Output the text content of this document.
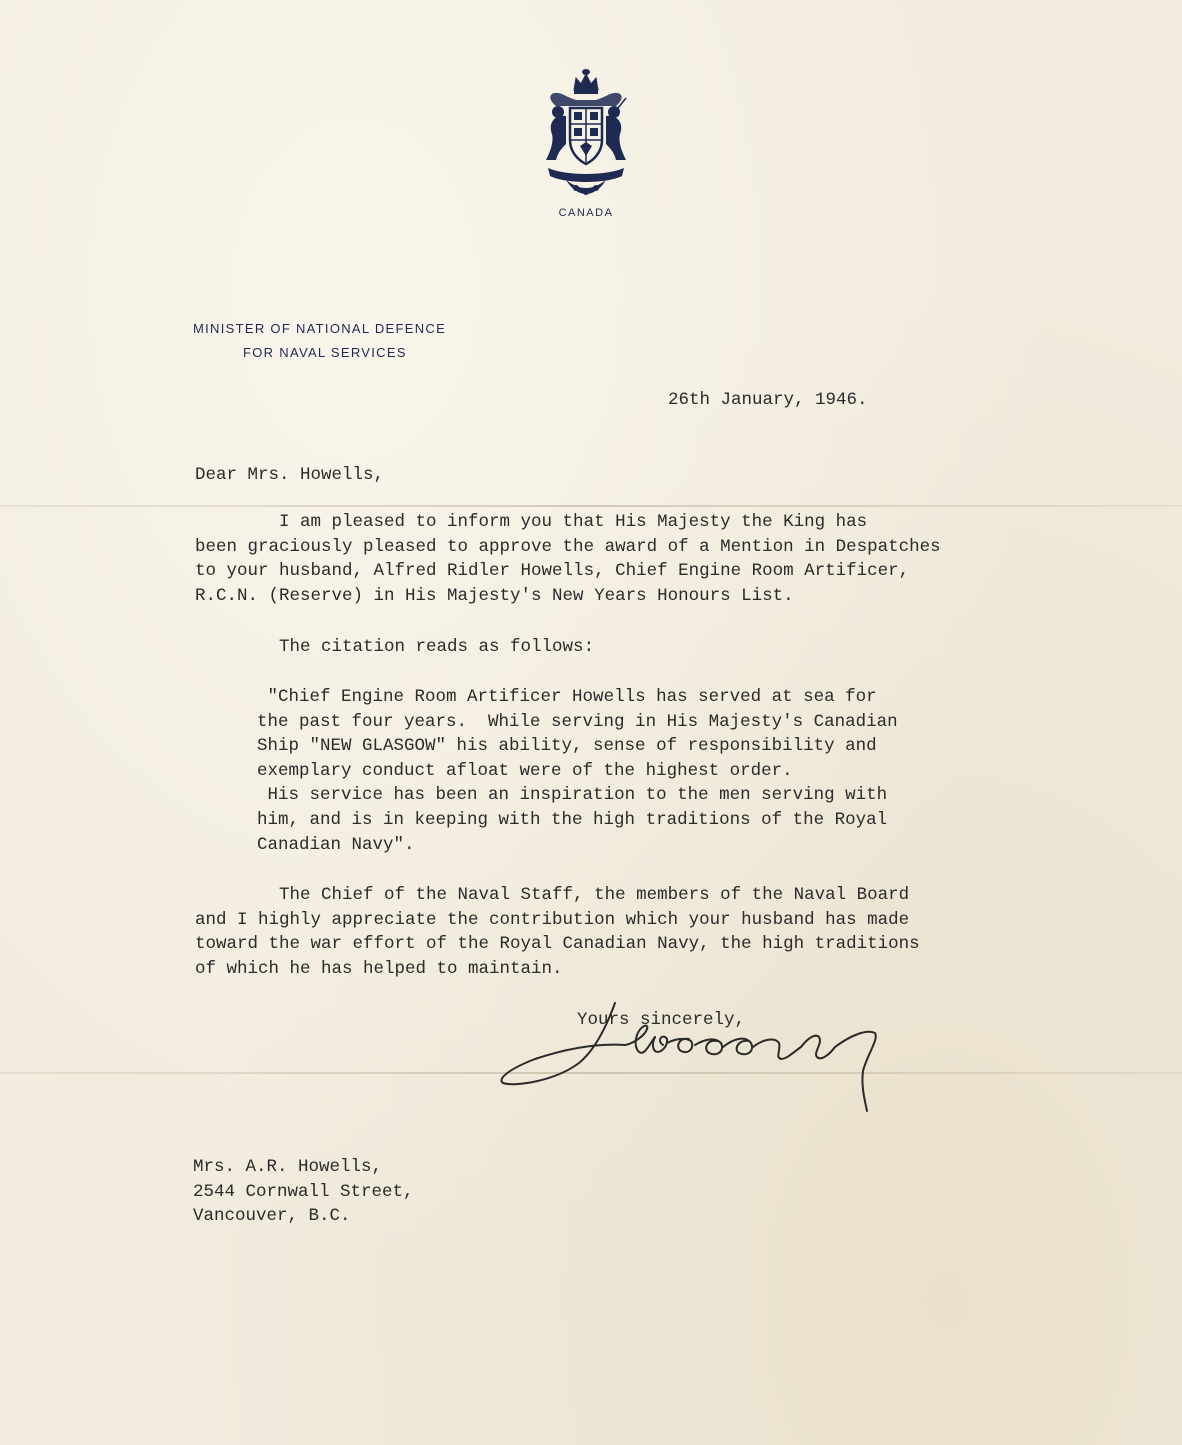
CANADA
MINISTER OF NATIONAL DEFENCE
FOR NAVAL SERVICES
26th January, 1946.
Dear Mrs. Howells,
I am pleased to inform you that His Majesty the King has
been graciously pleased to approve the award of a Mention in Despatches
to your husband, Alfred Ridler Howells, Chief Engine Room Artificer,
R.C.N. (Reserve) in His Majesty's New Years Honours List.
The citation reads as follows:
"Chief Engine Room Artificer Howells has served at sea for
the past four years.  While serving in His Majesty's Canadian
Ship "NEW GLASGOW" his ability, sense of responsibility and
exemplary conduct afloat were of the highest order.
His service has been an inspiration to the men serving with
him, and is in keeping with the high traditions of the Royal
Canadian Navy".
The Chief of the Naval Staff, the members of the Naval Board
and I highly appreciate the contribution which your husband has made
toward the war effort of the Royal Canadian Navy, the high traditions
of which he has helped to maintain.
Yours sincerely,
Mrs. A.R. Howells,
2544 Cornwall Street,
Vancouver, B.C.
